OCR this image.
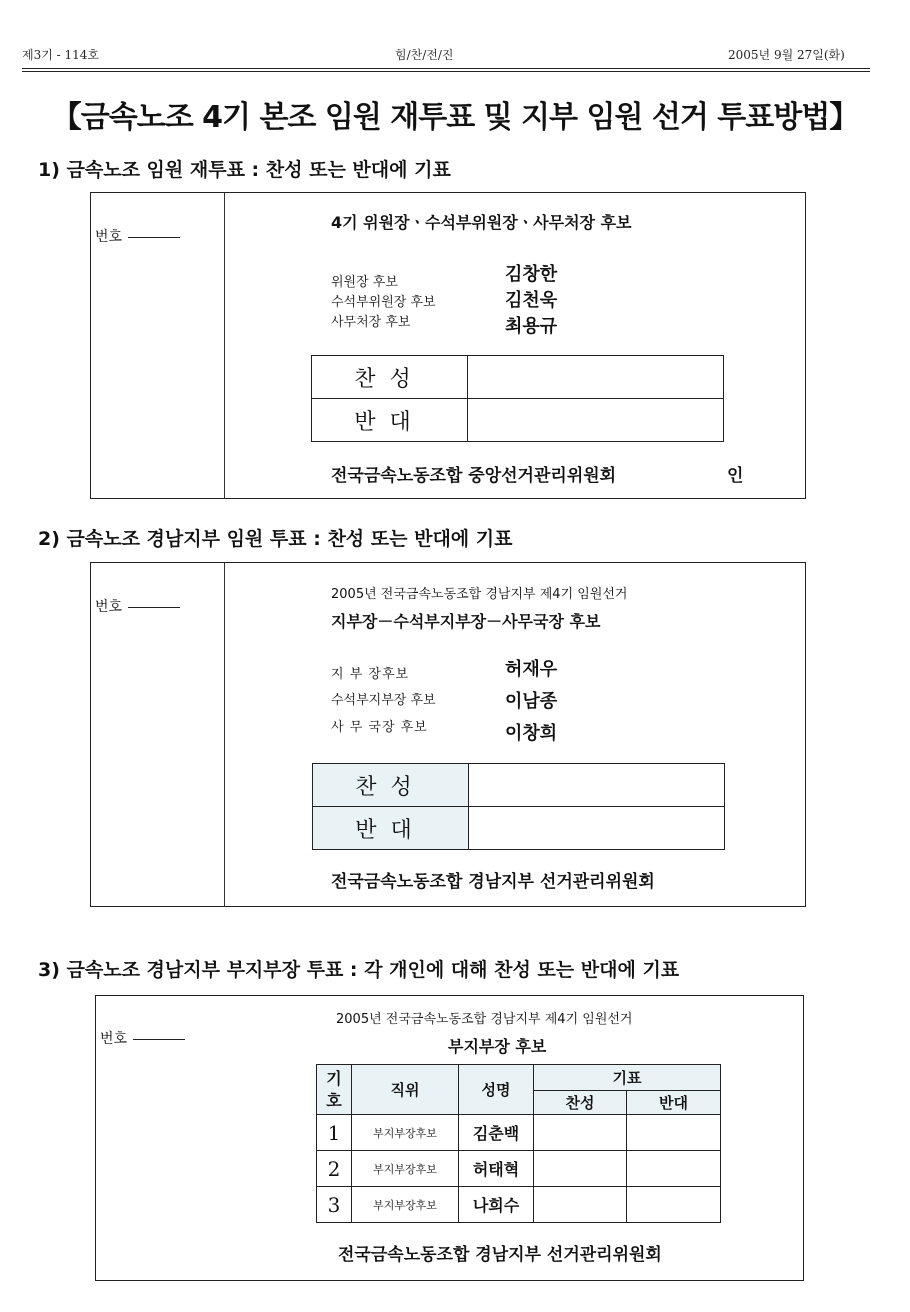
제3기 - 114호	힘/찬/전/진	2005년 9월 27일(화)
【금속노조 4기 본조 임원 재투표 및 지부 임원 선거 투표방법】
1) 금속노조 임원 재투표 : 찬성 또는 반대에 기표
번호
4기 위원장ㆍ수석부위원장ㆍ사무처장 후보
위원장 후보	김창한
수석부위원장 후보	김천욱
사무처장 후보	최용규
찬성	
반대	
전국금속노동조합 중앙선거관리위원회	인
2) 금속노조 경남지부 임원 투표 : 찬성 또는 반대에 기표
번호
2005년 전국금속노동조합 경남지부 제4기 임원선거
지부장－수석부지부장－사무국장 후보
지 부 장후보	허재우
수석부지부장 후보	이남종
사 무 국장 후보	이창희
찬성	
반대	
전국금속노동조합 경남지부 선거관리위원회
3) 금속노조 경남지부 부지부장 투표 : 각 개인에 대해 찬성 또는 반대에 기표
번호
2005년 전국금속노동조합 경남지부 제4기 임원선거
부지부장 후보
기호	직위	성명	기표	
			찬성	반대
1	부지부장후보	김춘백		
2	부지부장후보	허태혁		
3	부지부장후보	나희수		
전국금속노동조합 경남지부 선거관리위원회
